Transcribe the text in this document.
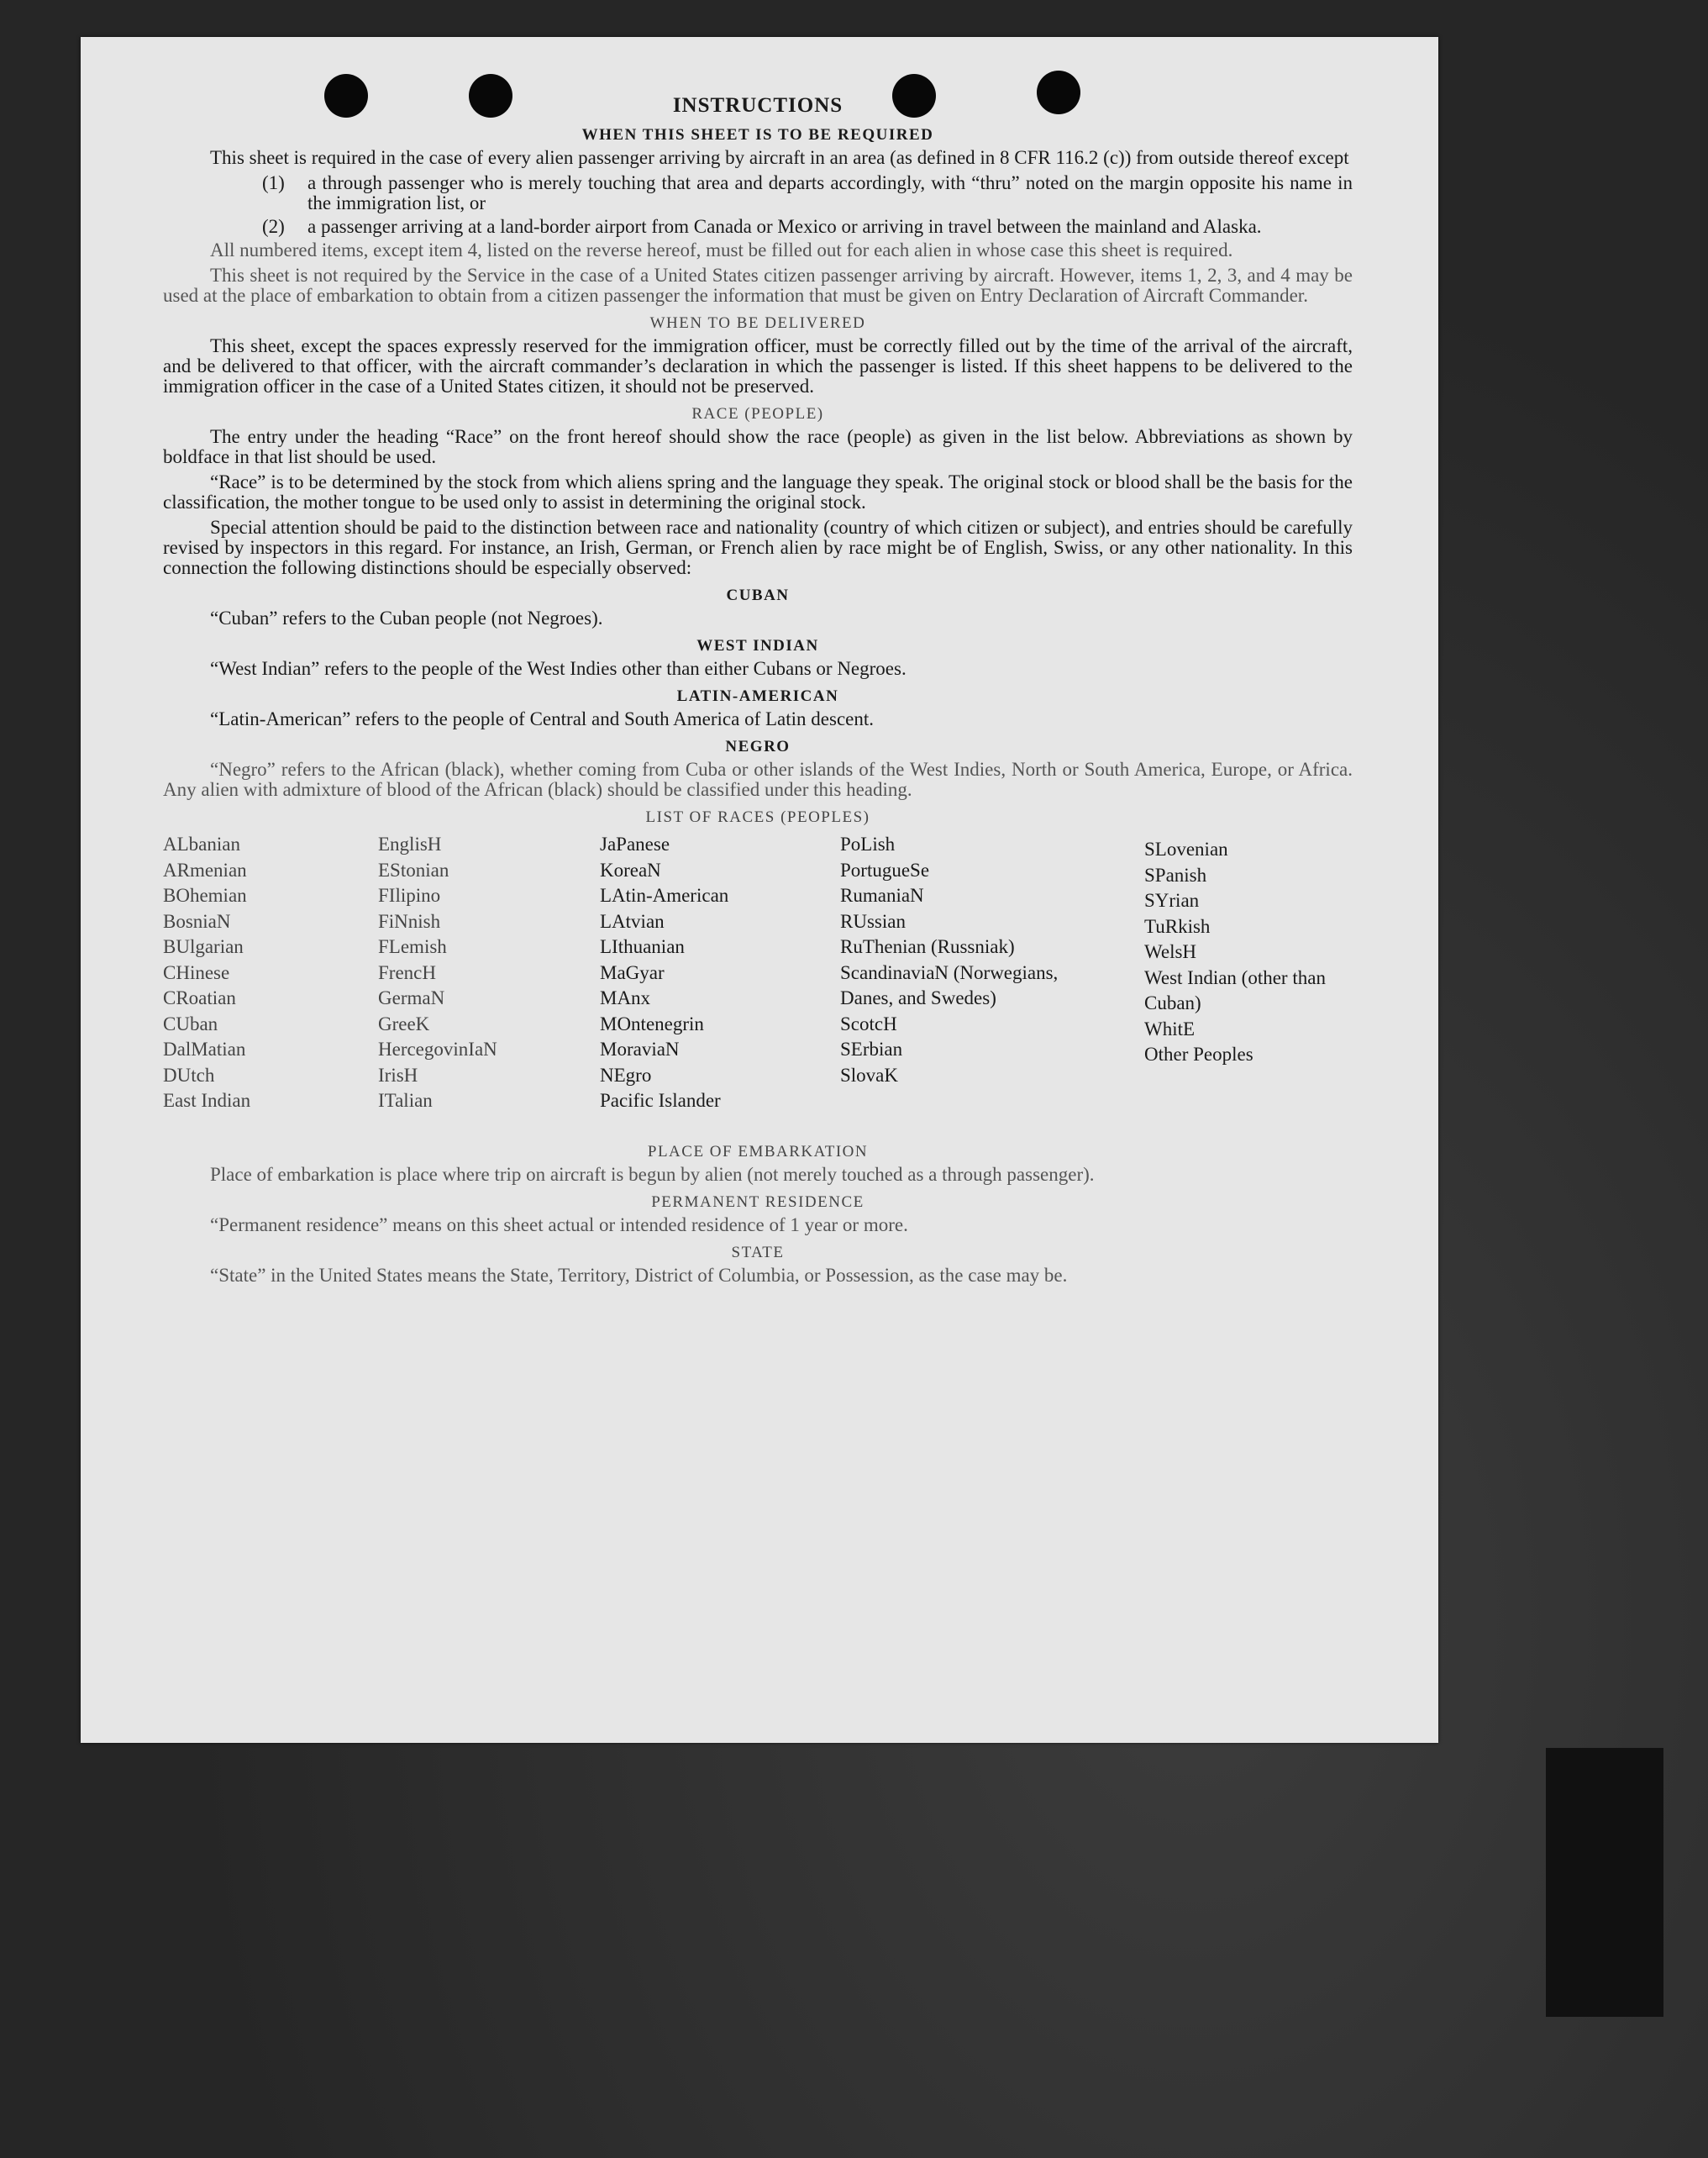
INSTRUCTIONS
WHEN THIS SHEET IS TO BE REQUIRED

This sheet is required in the case of every alien passenger arriving by aircraft in an area (as defined in 8 CFR 116.2 (c)) from outside thereof except

(1)	a through passenger who is merely touching that area and departs accordingly, with “thru” noted on the margin opposite his name in the immigration list, or
(2)	a passenger arriving at a land-border airport from Canada or Mexico or arriving in travel between the mainland and Alaska.

All numbered items, except item 4, listed on the reverse hereof, must be filled out for each alien in whose case this sheet is required.

This sheet is not required by the Service in the case of a United States citizen passenger arriving by aircraft. However, items 1, 2, 3, and 4 may be used at the place of embarkation to obtain from a citizen passenger the information that must be given on Entry Declaration of Aircraft Commander.

WHEN TO BE DELIVERED

This sheet, except the spaces expressly reserved for the immigration officer, must be correctly filled out by the time of the arrival of the aircraft, and be delivered to that officer, with the aircraft commander’s declaration in which the passenger is listed. If this sheet happens to be delivered to the immigration officer in the case of a United States citizen, it should not be preserved.

RACE (PEOPLE)

The entry under the heading “Race” on the front hereof should show the race (people) as given in the list below. Abbreviations as shown by boldface in that list should be used.

“Race” is to be determined by the stock from which aliens spring and the language they speak. The original stock or blood shall be the basis for the classification, the mother tongue to be used only to assist in determining the original stock.

Special attention should be paid to the distinction between race and nationality (country of which citizen or subject), and entries should be carefully revised by inspectors in this regard. For instance, an Irish, German, or French alien by race might be of English, Swiss, or any other nationality. In this connection the following distinctions should be especially observed:

CUBAN

“Cuban” refers to the Cuban people (not Negroes).

WEST INDIAN

“West Indian” refers to the people of the West Indies other than either Cubans or Negroes.

LATIN-AMERICAN

“Latin-American” refers to the people of Central and South America of Latin descent.

NEGRO

“Negro” refers to the African (black), whether coming from Cuba or other islands of the West Indies, North or South America, Europe, or Africa. Any alien with admixture of blood of the African (black) should be classified under this heading.

LIST OF RACES (PEOPLES)
ALbanian
ARmenian
BOhemian
BosniaN
BUlgarian
CHinese
CRoatian
CUban
DalMatian
DUtch
East Indian
EnglisH
EStonian
FIlipino
FiNnish
FLemish
FrencH
GermaN
GreeK
HercegovinIaN
IrisH
ITalian
JaPanese
KoreaN
LAtin-American
LAtvian
LIthuanian
MaGyar
MAnx
MOntenegrin
MoraviaN
NEgro
Pacific Islander
PoLish
PortugueSe
RumaniaN
RUssian
RuThenian (Russniak)
ScandinaviaN (Norwegians, Danes, and Swedes)
ScotcH
SErbian
SlovaK
SLovenian
SPanish
SYrian
TuRkish
WelsH
West Indian (other than Cuban)
WhitE
Other Peoples
PLACE OF EMBARKATION

Place of embarkation is place where trip on aircraft is begun by alien (not merely touched as a through passenger).

PERMANENT RESIDENCE

“Permanent residence” means on this sheet actual or intended residence of 1 year or more.

STATE

“State” in the United States means the State, Territory, District of Columbia, or Possession, as the case may be.
